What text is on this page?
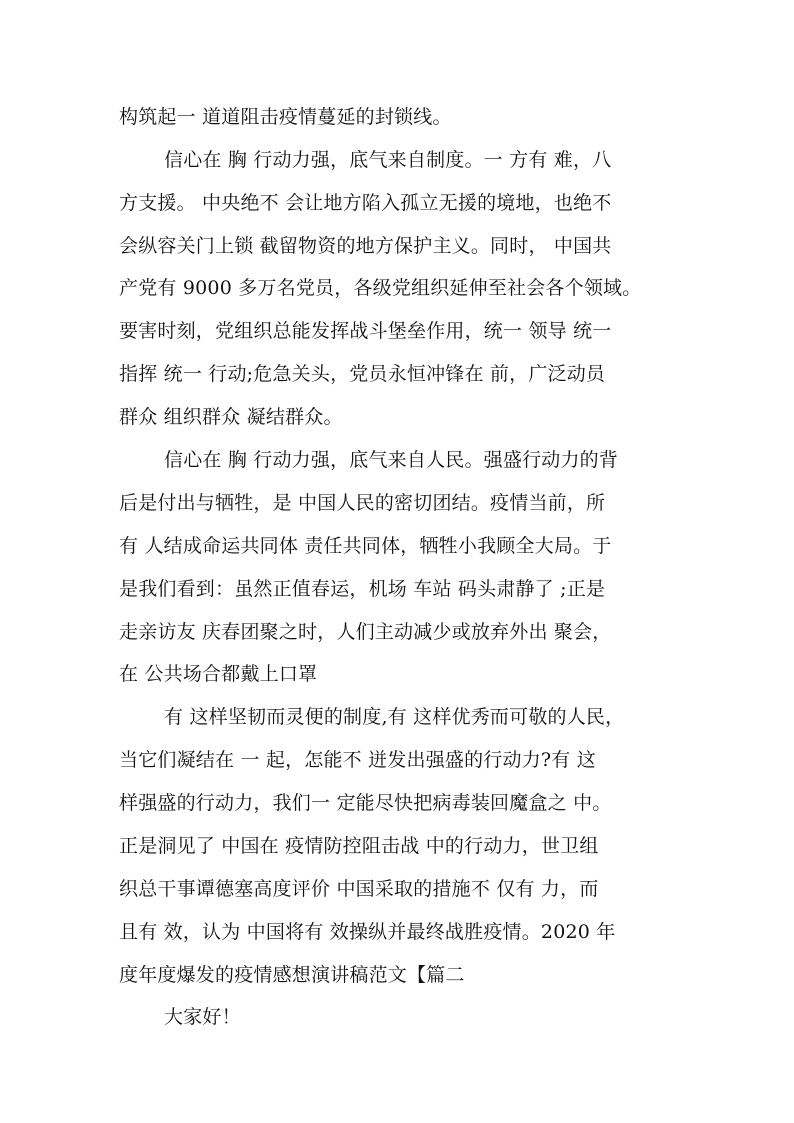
构筑起一 道道阻击疫情蔓延的封锁线。
信心在 胸 行动力强，底气来自制度。一 方有 难，八
方支援。 中央绝不 会让地方陷入孤立无援的境地，也绝不
会纵容关门上锁 截留物资的地方保护主义。同时， 中国共
产党有 9000 多万名党员，各级党组织延伸至社会各个领域。
要害时刻，党组织总能发挥战斗堡垒作用，统一 领导 统一
指挥 统一 行动;危急关头，党员永恒冲锋在 前，广泛动员
群众 组织群众 凝结群众。
信心在 胸 行动力强，底气来自人民。强盛行动力的背
后是付出与牺牲，是 中国人民的密切团结。疫情当前，所
有 人结成命运共同体 责任共同体，牺牲小我顾全大局。于
是我们看到：虽然正值春运，机场 车站 码头肃静了 ;正是
走亲访友 庆春团聚之时，人们主动减少或放弃外出 聚会，
在 公共场合都戴上口罩
有 这样坚韧而灵便的制度,有 这样优秀而可敬的人民，
当它们凝结在 一 起，怎能不 迸发出强盛的行动力?有 这
样强盛的行动力，我们一 定能尽快把病毒装回魔盒之 中。
正是洞见了 中国在 疫情防控阻击战 中的行动力，世卫组
织总干事谭德塞高度评价 中国采取的措施不 仅有 力，而
且有 效，认为 中国将有 效操纵并最终战胜疫情。2020 年
度年度爆发的疫情感想演讲稿范文【篇二
大家好！
